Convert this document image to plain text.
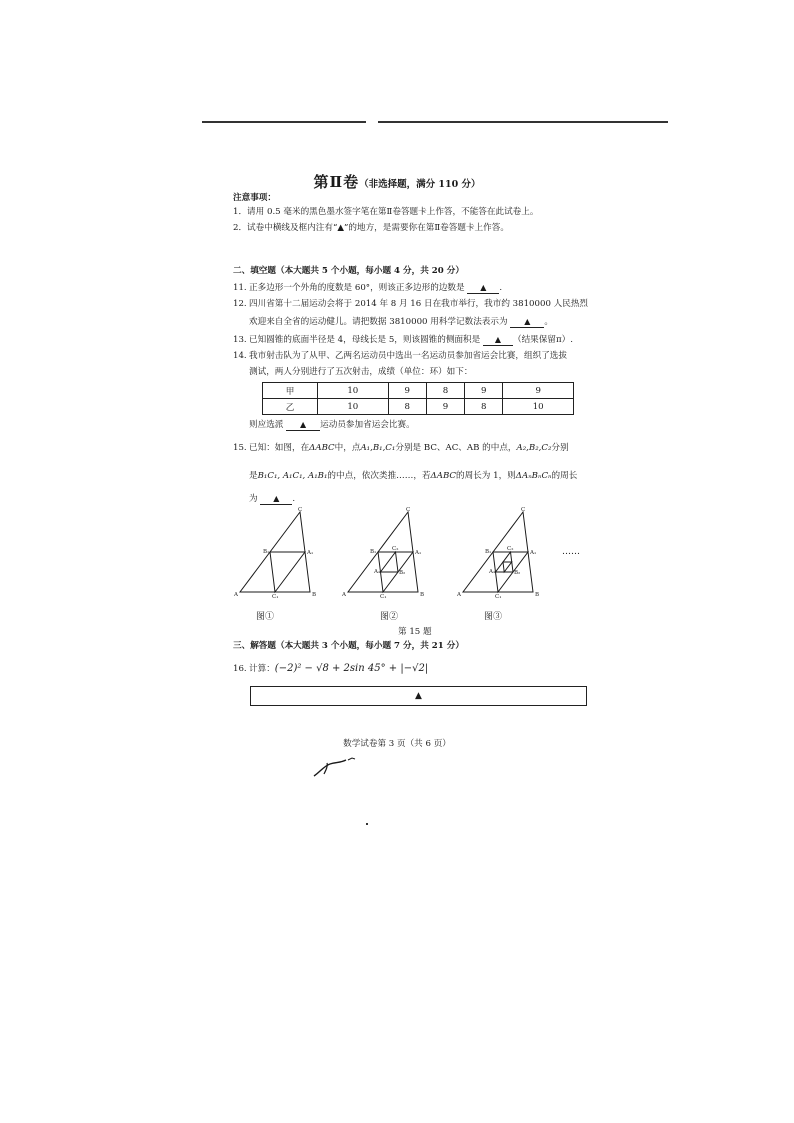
第Ⅱ卷（非选择题，满分 110 分）
注意事项：
1．请用 0.5 毫米的黑色墨水签字笔在第Ⅱ卷答题卡上作答，不能答在此试卷上。
2．试卷中横线及框内注有“▲”的地方，是需要你在第Ⅱ卷答题卡上作答。
二、填空题（本大题共 5 个小题，每小题 4 分，共 20 分）
11. 正多边形一个外角的度数是 60°，则该正多边形的边数是 ▲ .
12. 四川省第十二届运动会将于 2014 年 8 月 16 日在我市举行，我市约 3810000 人民热烈
欢迎来自全省的运动健儿。请把数据 3810000 用科学记数法表示为 ▲ 。
13. 已知圆锥的底面半径是 4，母线长是 5，则该圆锥的侧面积是 ▲ （结果保留π）.
14. 我市射击队为了从甲、乙两名运动员中选出一名运动员参加省运会比赛，组织了选拔
测试，两人分别进行了五次射击，成绩（单位：环）如下：
甲	10	9	8	9	9
乙	10	8	9	8	10
则应选派 ▲ 运动员参加省运会比赛。
15. 已知：如图，在ΔABC中，点A₁,B₁,C₁分别是 BC、AC、AB 的中点，A₂,B₂,C₂分别
是B₁C₁, A₁C₁, A₁B₁的中点，依次类推……，若ΔABC的周长为 1，则ΔAₙBₙCₙ的周长
为 ▲ .
C
A	B
B₁	A₁
C₁
C
A	B
B₁	A₁
C₁
C₂
A₂	B₂
C
A	B
B₁	A₁
C₁
C₂
A₂	B₂
……
图①	图②	图③
第 15 题
三、解答题（本大题共 3 个小题，每小题 7 分，共 21 分）
16. 计算：(−2)² − √8 + 2sin 45° + |−√2|
▲
数学试卷第 3 页（共 6 页）
